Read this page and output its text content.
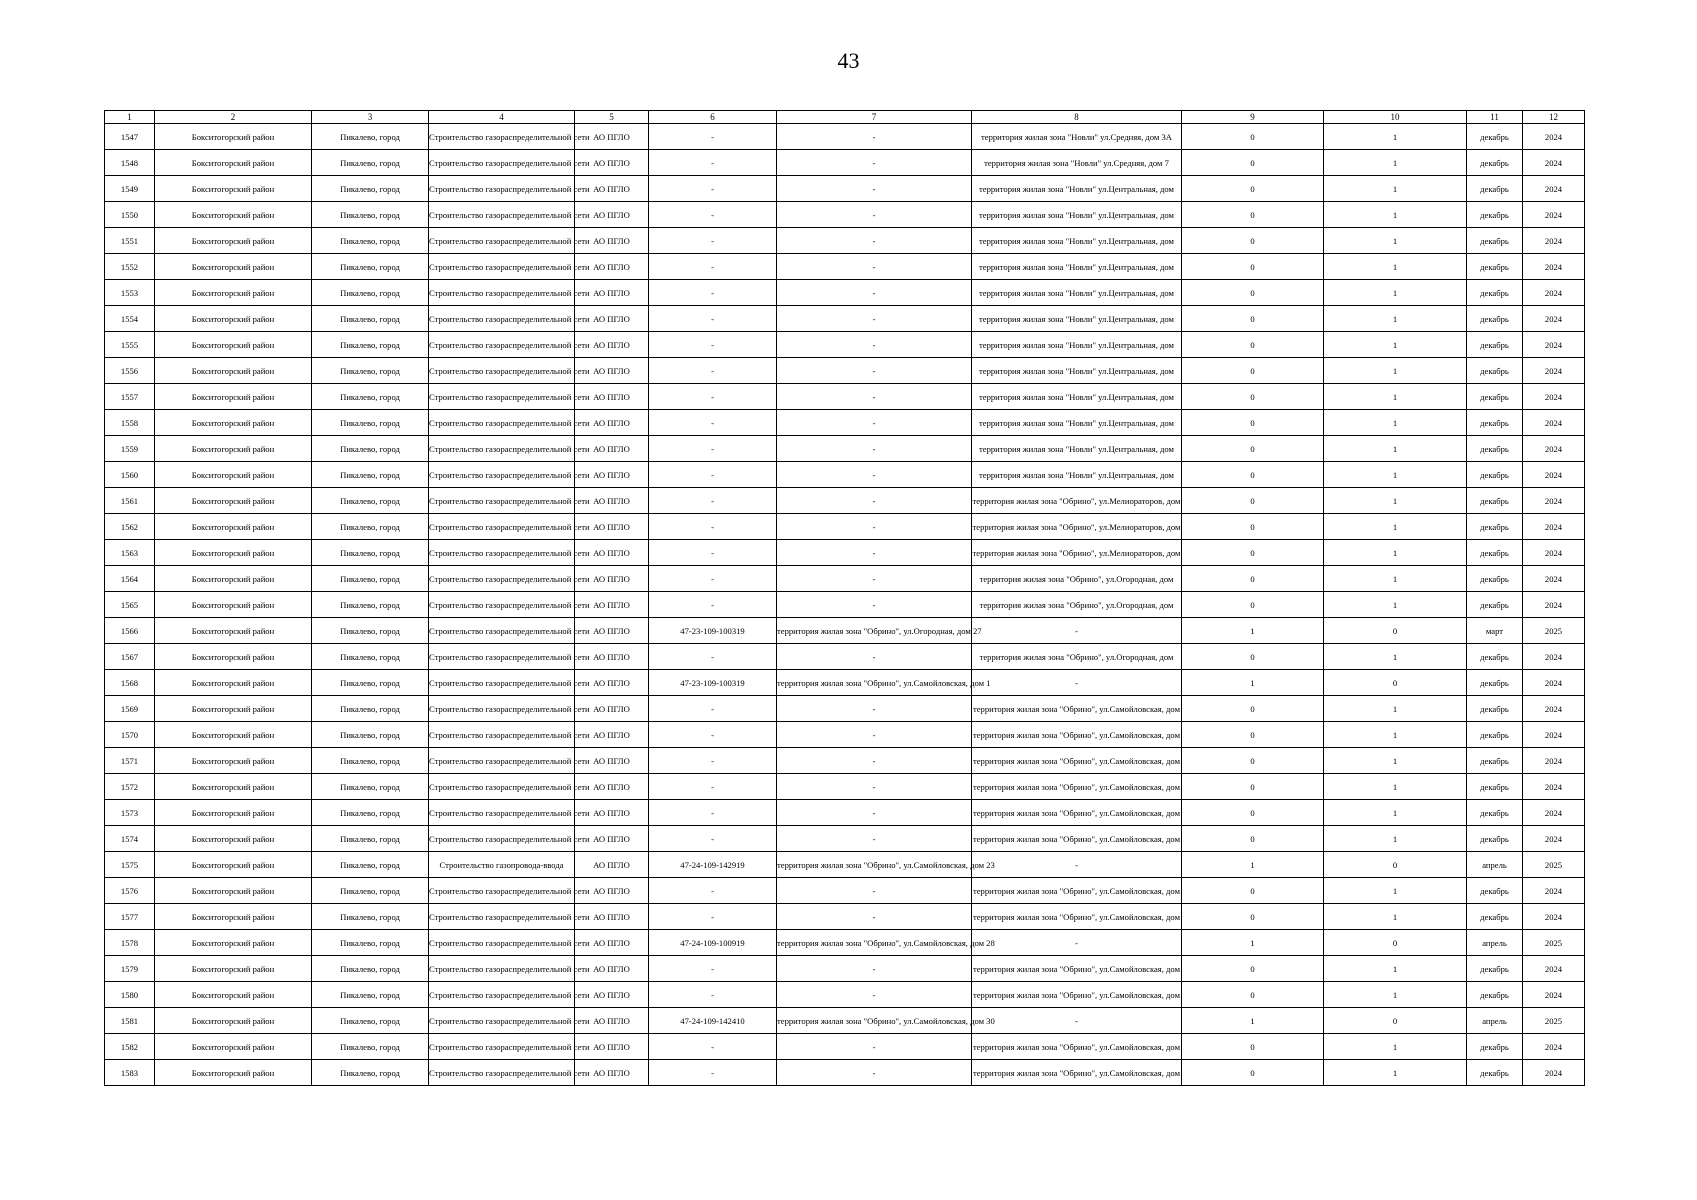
43
1	2	3	4	5	6	7	8	9	10	11	12
1547	Бокситогорский район	Пикалево, город	Строительство газораспределительной сети	АО ПГЛО	-	-	территория жилая зона "Новли" ул.Средняя, дом 3А	0	1	декабрь	2024
1548	Бокситогорский район	Пикалево, город	Строительство газораспределительной сети	АО ПГЛО	-	-	территория жилая зона "Новли" ул.Средняя, дом 7	0	1	декабрь	2024
1549	Бокситогорский район	Пикалево, город	Строительство газораспределительной сети	АО ПГЛО	-	-	территория жилая зона "Новли" ул.Центральная, дом	0	1	декабрь	2024
1550	Бокситогорский район	Пикалево, город	Строительство газораспределительной сети	АО ПГЛО	-	-	территория жилая зона "Новли" ул.Центральная, дом	0	1	декабрь	2024
1551	Бокситогорский район	Пикалево, город	Строительство газораспределительной сети	АО ПГЛО	-	-	территория жилая зона "Новли" ул.Центральная, дом	0	1	декабрь	2024
1552	Бокситогорский район	Пикалево, город	Строительство газораспределительной сети	АО ПГЛО	-	-	территория жилая зона "Новли" ул.Центральная, дом	0	1	декабрь	2024
1553	Бокситогорский район	Пикалево, город	Строительство газораспределительной сети	АО ПГЛО	-	-	территория жилая зона "Новли" ул.Центральная, дом	0	1	декабрь	2024
1554	Бокситогорский район	Пикалево, город	Строительство газораспределительной сети	АО ПГЛО	-	-	территория жилая зона "Новли" ул.Центральная, дом	0	1	декабрь	2024
1555	Бокситогорский район	Пикалево, город	Строительство газораспределительной сети	АО ПГЛО	-	-	территория жилая зона "Новли" ул.Центральная, дом	0	1	декабрь	2024
1556	Бокситогорский район	Пикалево, город	Строительство газораспределительной сети	АО ПГЛО	-	-	территория жилая зона "Новли" ул.Центральная, дом	0	1	декабрь	2024
1557	Бокситогорский район	Пикалево, город	Строительство газораспределительной сети	АО ПГЛО	-	-	территория жилая зона "Новли" ул.Центральная, дом	0	1	декабрь	2024
1558	Бокситогорский район	Пикалево, город	Строительство газораспределительной сети	АО ПГЛО	-	-	территория жилая зона "Новли" ул.Центральная, дом	0	1	декабрь	2024
1559	Бокситогорский район	Пикалево, город	Строительство газораспределительной сети	АО ПГЛО	-	-	территория жилая зона "Новли" ул.Центральная, дом	0	1	декабрь	2024
1560	Бокситогорский район	Пикалево, город	Строительство газораспределительной сети	АО ПГЛО	-	-	территория жилая зона "Новли" ул.Центральная, дом	0	1	декабрь	2024
1561	Бокситогорский район	Пикалево, город	Строительство газораспределительной сети	АО ПГЛО	-	-	территория жилая зона "Обрино", ул.Мелиораторов, дом	0	1	декабрь	2024
1562	Бокситогорский район	Пикалево, город	Строительство газораспределительной сети	АО ПГЛО	-	-	территория жилая зона "Обрино", ул.Мелиораторов, дом	0	1	декабрь	2024
1563	Бокситогорский район	Пикалево, город	Строительство газораспределительной сети	АО ПГЛО	-	-	территория жилая зона "Обрино", ул.Мелиораторов, дом	0	1	декабрь	2024
1564	Бокситогорский район	Пикалево, город	Строительство газораспределительной сети	АО ПГЛО	-	-	территория жилая зона "Обрино", ул.Огородная, дом	0	1	декабрь	2024
1565	Бокситогорский район	Пикалево, город	Строительство газораспределительной сети	АО ПГЛО	-	-	территория жилая зона "Обрино", ул.Огородная, дом	0	1	декабрь	2024
1566	Бокситогорский район	Пикалево, город	Строительство газораспределительной сети	АО ПГЛО	47-23-109-100319	территория жилая зона "Обрино", ул.Огородная, дом 27	-	1	0	март	2025
1567	Бокситогорский район	Пикалево, город	Строительство газораспределительной сети	АО ПГЛО	-	-	территория жилая зона "Обрино", ул.Огородная, дом	0	1	декабрь	2024
1568	Бокситогорский район	Пикалево, город	Строительство газораспределительной сети	АО ПГЛО	47-23-109-100319	территория жилая зона "Обрино", ул.Самойловская, дом 1	-	1	0	декабрь	2024
1569	Бокситогорский район	Пикалево, город	Строительство газораспределительной сети	АО ПГЛО	-	-	территория жилая зона "Обрино", ул.Самойловская, дом	0	1	декабрь	2024
1570	Бокситогорский район	Пикалево, город	Строительство газораспределительной сети	АО ПГЛО	-	-	территория жилая зона "Обрино", ул.Самойловская, дом	0	1	декабрь	2024
1571	Бокситогорский район	Пикалево, город	Строительство газораспределительной сети	АО ПГЛО	-	-	территория жилая зона "Обрино", ул.Самойловская, дом	0	1	декабрь	2024
1572	Бокситогорский район	Пикалево, город	Строительство газораспределительной сети	АО ПГЛО	-	-	территория жилая зона "Обрино", ул.Самойловская, дом	0	1	декабрь	2024
1573	Бокситогорский район	Пикалево, город	Строительство газораспределительной сети	АО ПГЛО	-	-	территория жилая зона "Обрино", ул.Самойловская, дом	0	1	декабрь	2024
1574	Бокситогорский район	Пикалево, город	Строительство газораспределительной сети	АО ПГЛО	-	-	территория жилая зона "Обрино", ул.Самойловская, дом	0	1	декабрь	2024
1575	Бокситогорский район	Пикалево, город	Строительство газопровода-ввода	АО ПГЛО	47-24-109-142919	территория жилая зона "Обрино", ул.Самойловская, дом 23	-	1	0	апрель	2025
1576	Бокситогорский район	Пикалево, город	Строительство газораспределительной сети	АО ПГЛО	-	-	территория жилая зона "Обрино", ул.Самойловская, дом	0	1	декабрь	2024
1577	Бокситогорский район	Пикалево, город	Строительство газораспределительной сети	АО ПГЛО	-	-	территория жилая зона "Обрино", ул.Самойловская, дом	0	1	декабрь	2024
1578	Бокситогорский район	Пикалево, город	Строительство газораспределительной сети	АО ПГЛО	47-24-109-100919	территория жилая зона "Обрино", ул.Самойловская, дом 28	-	1	0	апрель	2025
1579	Бокситогорский район	Пикалево, город	Строительство газораспределительной сети	АО ПГЛО	-	-	территория жилая зона "Обрино", ул.Самойловская, дом	0	1	декабрь	2024
1580	Бокситогорский район	Пикалево, город	Строительство газораспределительной сети	АО ПГЛО	-	-	территория жилая зона "Обрино", ул.Самойловская, дом	0	1	декабрь	2024
1581	Бокситогорский район	Пикалево, город	Строительство газораспределительной сети	АО ПГЛО	47-24-109-142410	территория жилая зона "Обрино", ул.Самойловская, дом 30	-	1	0	апрель	2025
1582	Бокситогорский район	Пикалево, город	Строительство газораспределительной сети	АО ПГЛО	-	-	территория жилая зона "Обрино", ул.Самойловская, дом	0	1	декабрь	2024
1583	Бокситогорский район	Пикалево, город	Строительство газораспределительной сети	АО ПГЛО	-	-	территория жилая зона "Обрино", ул.Самойловская, дом	0	1	декабрь	2024
